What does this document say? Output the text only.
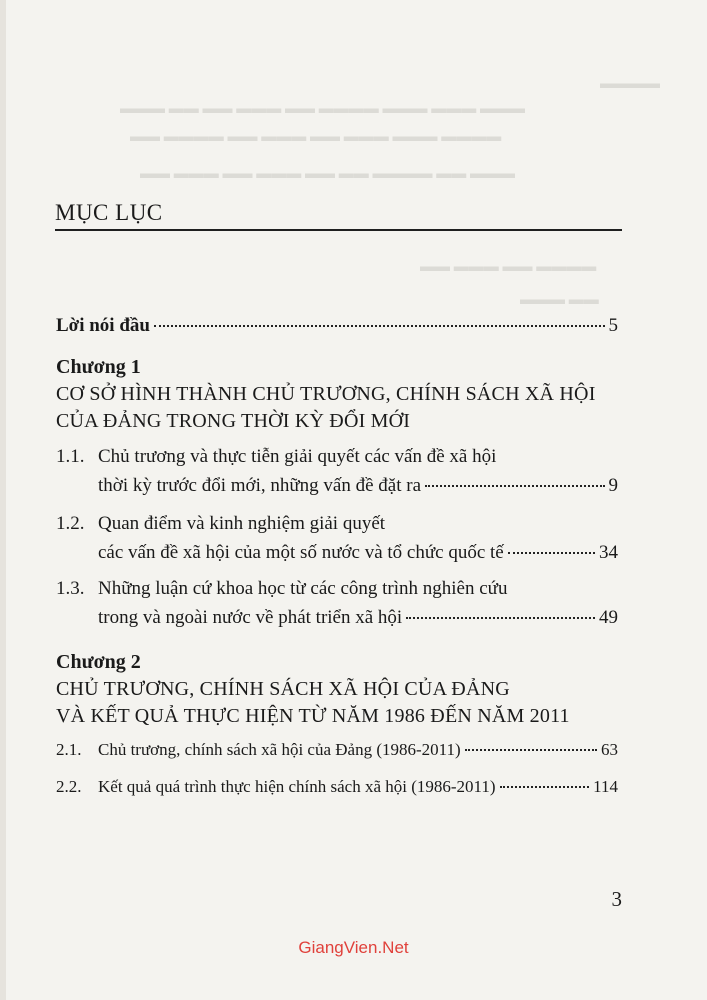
▬▬▬▬
▬▬▬ ▬▬ ▬▬ ▬▬▬ ▬▬ ▬▬▬▬ ▬▬▬ ▬▬▬ ▬▬▬
▬▬ ▬▬▬▬ ▬▬ ▬▬▬ ▬▬ ▬▬▬ ▬▬▬ ▬▬▬▬
▬▬ ▬▬▬ ▬▬ ▬▬▬ ▬▬ ▬▬ ▬▬▬▬ ▬▬ ▬▬▬
▬▬ ▬▬▬ ▬▬ ▬▬▬▬
▬▬▬ ▬▬
MỤC LỤC
Lời nói đầu	5
Chương 1
CƠ SỞ HÌNH THÀNH CHỦ TRƯƠNG, CHÍNH SÁCH XÃ HỘI
CỦA ĐẢNG TRONG THỜI KỲ ĐỔI MỚI
1.1. Chủ trương và thực tiễn giải quyết các vấn đề xã hội
thời kỳ trước đổi mới, những vấn đề đặt ra	9
1.2. Quan điểm và kinh nghiệm giải quyết
các vấn đề xã hội của một số nước và tổ chức quốc tế	34
1.3. Những luận cứ khoa học từ các công trình nghiên cứu
trong và ngoài nước về phát triển xã hội	49
Chương 2
CHỦ TRƯƠNG, CHÍNH SÁCH XÃ HỘI CỦA ĐẢNG
VÀ KẾT QUẢ THỰC HIỆN TỪ NĂM 1986 ĐẾN NĂM 2011
2.1. Chủ trương, chính sách xã hội của Đảng (1986-2011)	63
2.2. Kết quả quá trình thực hiện chính sách xã hội (1986-2011)	114
3
GiangVien.Net
